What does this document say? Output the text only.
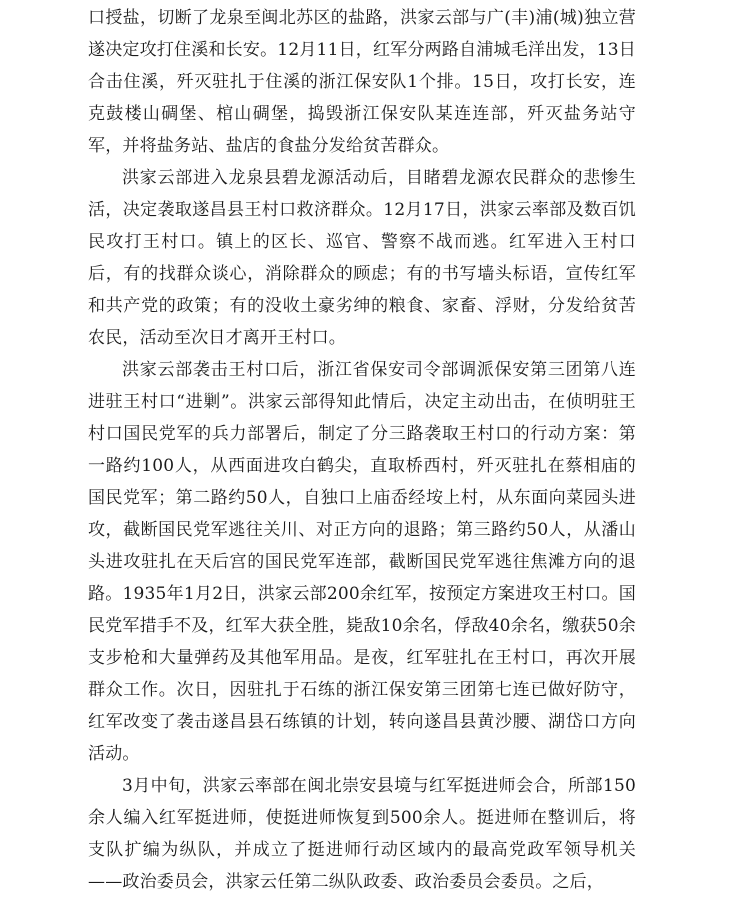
口授盐，切断了龙泉至闽北苏区的盐路，洪家云部与广(丰)浦(城)独立营遂决定攻打住溪和长安。12月11日，红军分两路自浦城毛洋出发，13日合击住溪，歼灭驻扎于住溪的浙江保安队1个排。15日，攻打长安，连克鼓楼山碉堡、棺山碉堡，捣毁浙江保安队某连连部，歼灭盐务站守军，并将盐务站、盐店的食盐分发给贫苦群众。

洪家云部进入龙泉县碧龙源活动后，目睹碧龙源农民群众的悲惨生活，决定袭取遂昌县王村口救济群众。12月17日，洪家云率部及数百饥民攻打王村口。镇上的区长、巡官、警察不战而逃。红军进入王村口后，有的找群众谈心，消除群众的顾虑；有的书写墙头标语，宣传红军和共产党的政策；有的没收土豪劣绅的粮食、家畜、浮财，分发给贫苦农民，活动至次日才离开王村口。

洪家云部袭击王村口后，浙江省保安司令部调派保安第三团第八连进驻王村口“进剿”。洪家云部得知此情后，决定主动出击，在侦明驻王村口国民党军的兵力部署后，制定了分三路袭取王村口的行动方案：第一路约100人，从西面进攻白鹤尖，直取桥西村，歼灭驻扎在蔡相庙的国民党军；第二路约50人，自独口上庙岙经垵上村，从东面向菜园头进攻，截断国民党军逃往关川、对正方向的退路；第三路约50人，从潘山头进攻驻扎在天后宫的国民党军连部，截断国民党军逃往焦滩方向的退路。1935年1月2日，洪家云部200余红军，按预定方案进攻王村口。国民党军措手不及，红军大获全胜，毙敌10余名，俘敌40余名，缴获50余支步枪和大量弹药及其他军用品。是夜，红军驻扎在王村口，再次开展群众工作。次日，因驻扎于石练的浙江保安第三团第七连已做好防守，红军改变了袭击遂昌县石练镇的计划，转向遂昌县黄沙腰、湖岱口方向活动。

3月中旬，洪家云率部在闽北崇安县境与红军挺进师会合，所部150余人编入红军挺进师，使挺进师恢复到500余人。挺进师在整训后，将支队扩编为纵队，并成立了挺进师行动区域内的最高党政军领导机关——政治委员会，洪家云任第二纵队政委、政治委员会委员。之后，
